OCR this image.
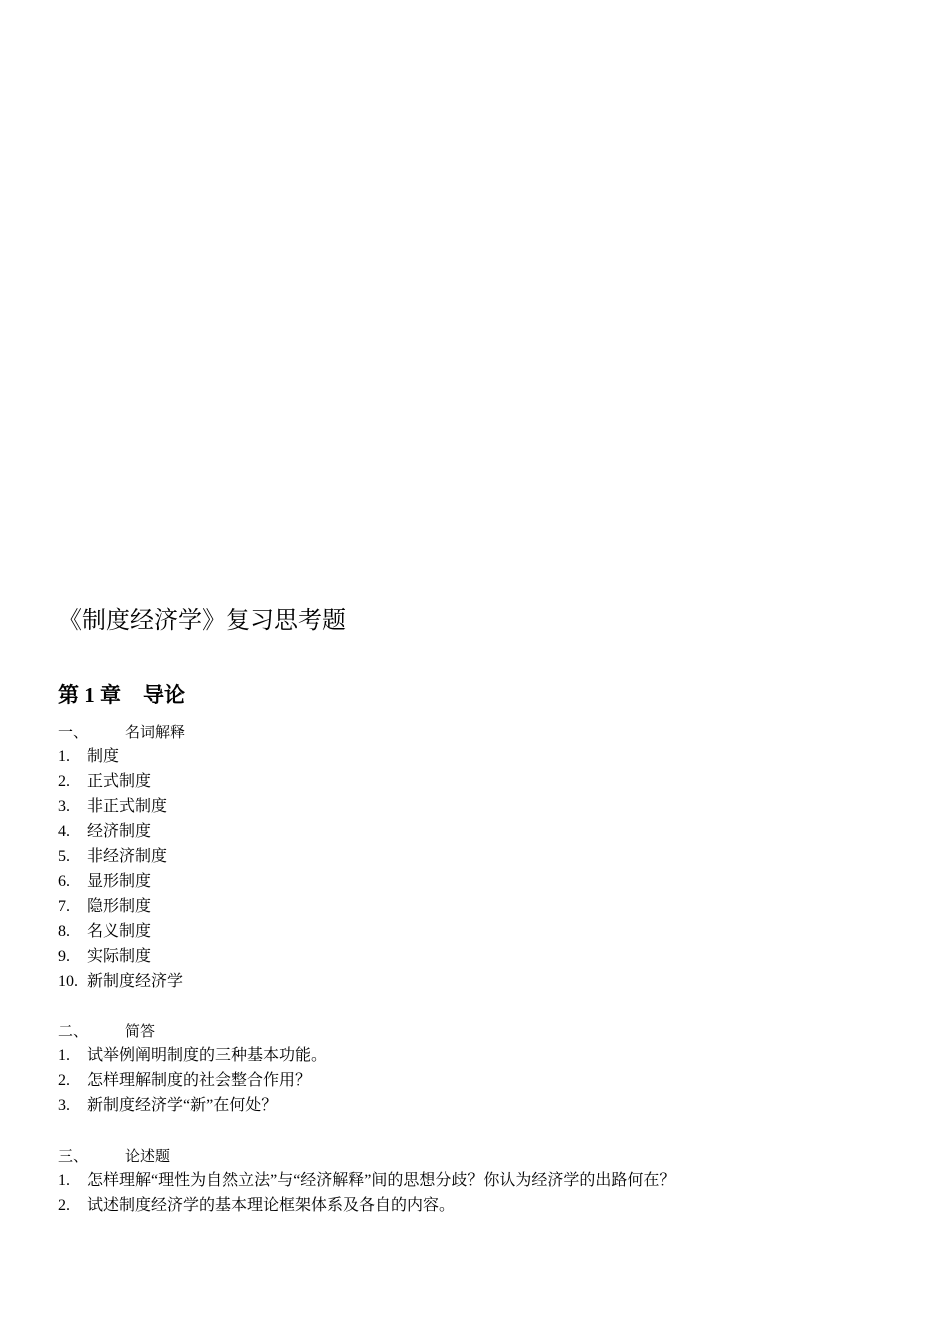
《制度经济学》复习思考题
第 1 章 导论
一、 名词解释
1. 制度
2. 正式制度
3. 非正式制度
4. 经济制度
5. 非经济制度
6. 显形制度
7. 隐形制度
8. 名义制度
9. 实际制度
10. 新制度经济学
二、 简答
1. 试举例阐明制度的三种基本功能。
2. 怎样理解制度的社会整合作用？
3. 新制度经济学“新”在何处？
三、 论述题
1. 怎样理解“理性为自然立法”与“经济解释”间的思想分歧？你认为经济学的出路何在？
2. 试述制度经济学的基本理论框架体系及各自的内容。
